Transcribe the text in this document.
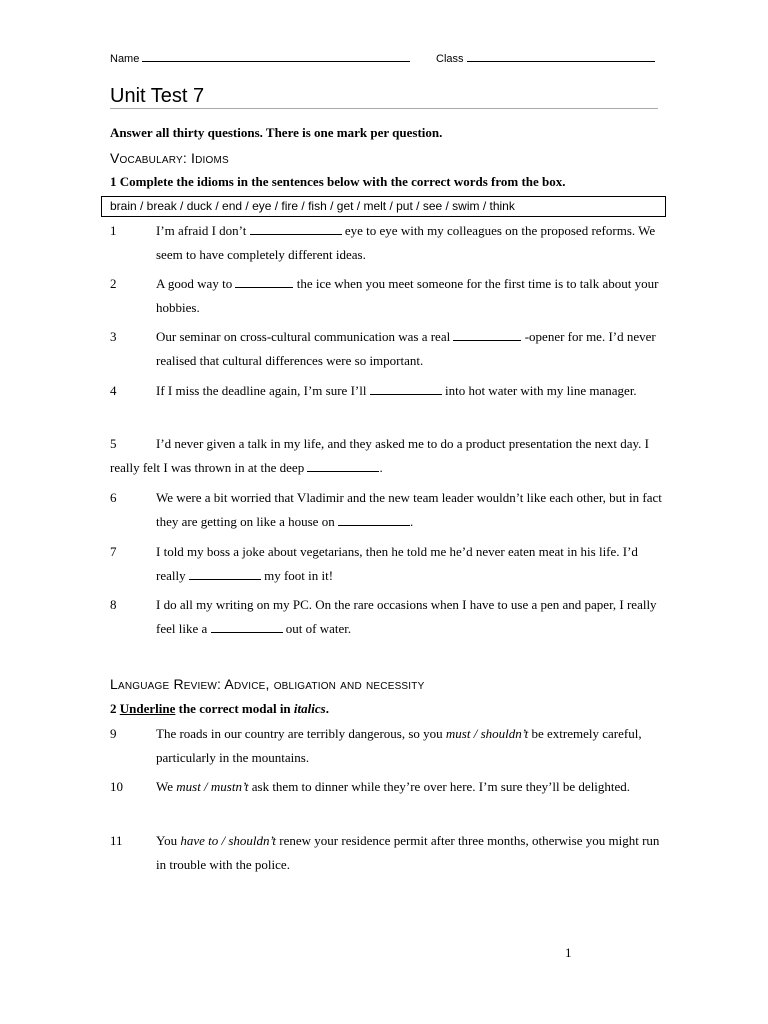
Name	Class
Unit Test 7
Answer all thirty questions. There is one mark per question.
Vocabulary: Idioms
1 Complete the idioms in the sentences below with the correct words from the box.
brain / break / duck / end / eye / fire / fish / get / melt / put / see / swim / think
1	I’m afraid I don’t	eye to eye with my colleagues on the proposed reforms. We seem to have completely different ideas.
2	A good way to	the ice when you meet someone for the first time is to talk about your hobbies.
3	Our seminar on cross-cultural communication was a real	-opener for me. I’d never realised that cultural differences were so important.
4	If I miss the deadline again, I’m sure I’ll	into hot water with my line manager.
5	I’d never given a talk in my life, and they asked me to do a product presentation the next day. I really felt I was thrown in at the deep	.
6	We were a bit worried that Vladimir and the new team leader wouldn’t like each other, but in fact they are getting on like a house on	.
7	I told my boss a joke about vegetarians, then he told me he’d never eaten meat in his life. I’d really	my foot in it!
8	I do all my writing on my PC. On the rare occasions when I have to use a pen and paper, I really feel like a	out of water.
Language Review: Advice, obligation and necessity
2 Underline the correct modal in italics.
9	The roads in our country are terribly dangerous, so you must / shouldn’t be extremely careful, particularly in the mountains.
10	We must / mustn’t ask them to dinner while they’re over here. I’m sure they’ll be delighted.
11	You have to / shouldn’t renew your residence permit after three months, otherwise you might run in trouble with the police.
1
